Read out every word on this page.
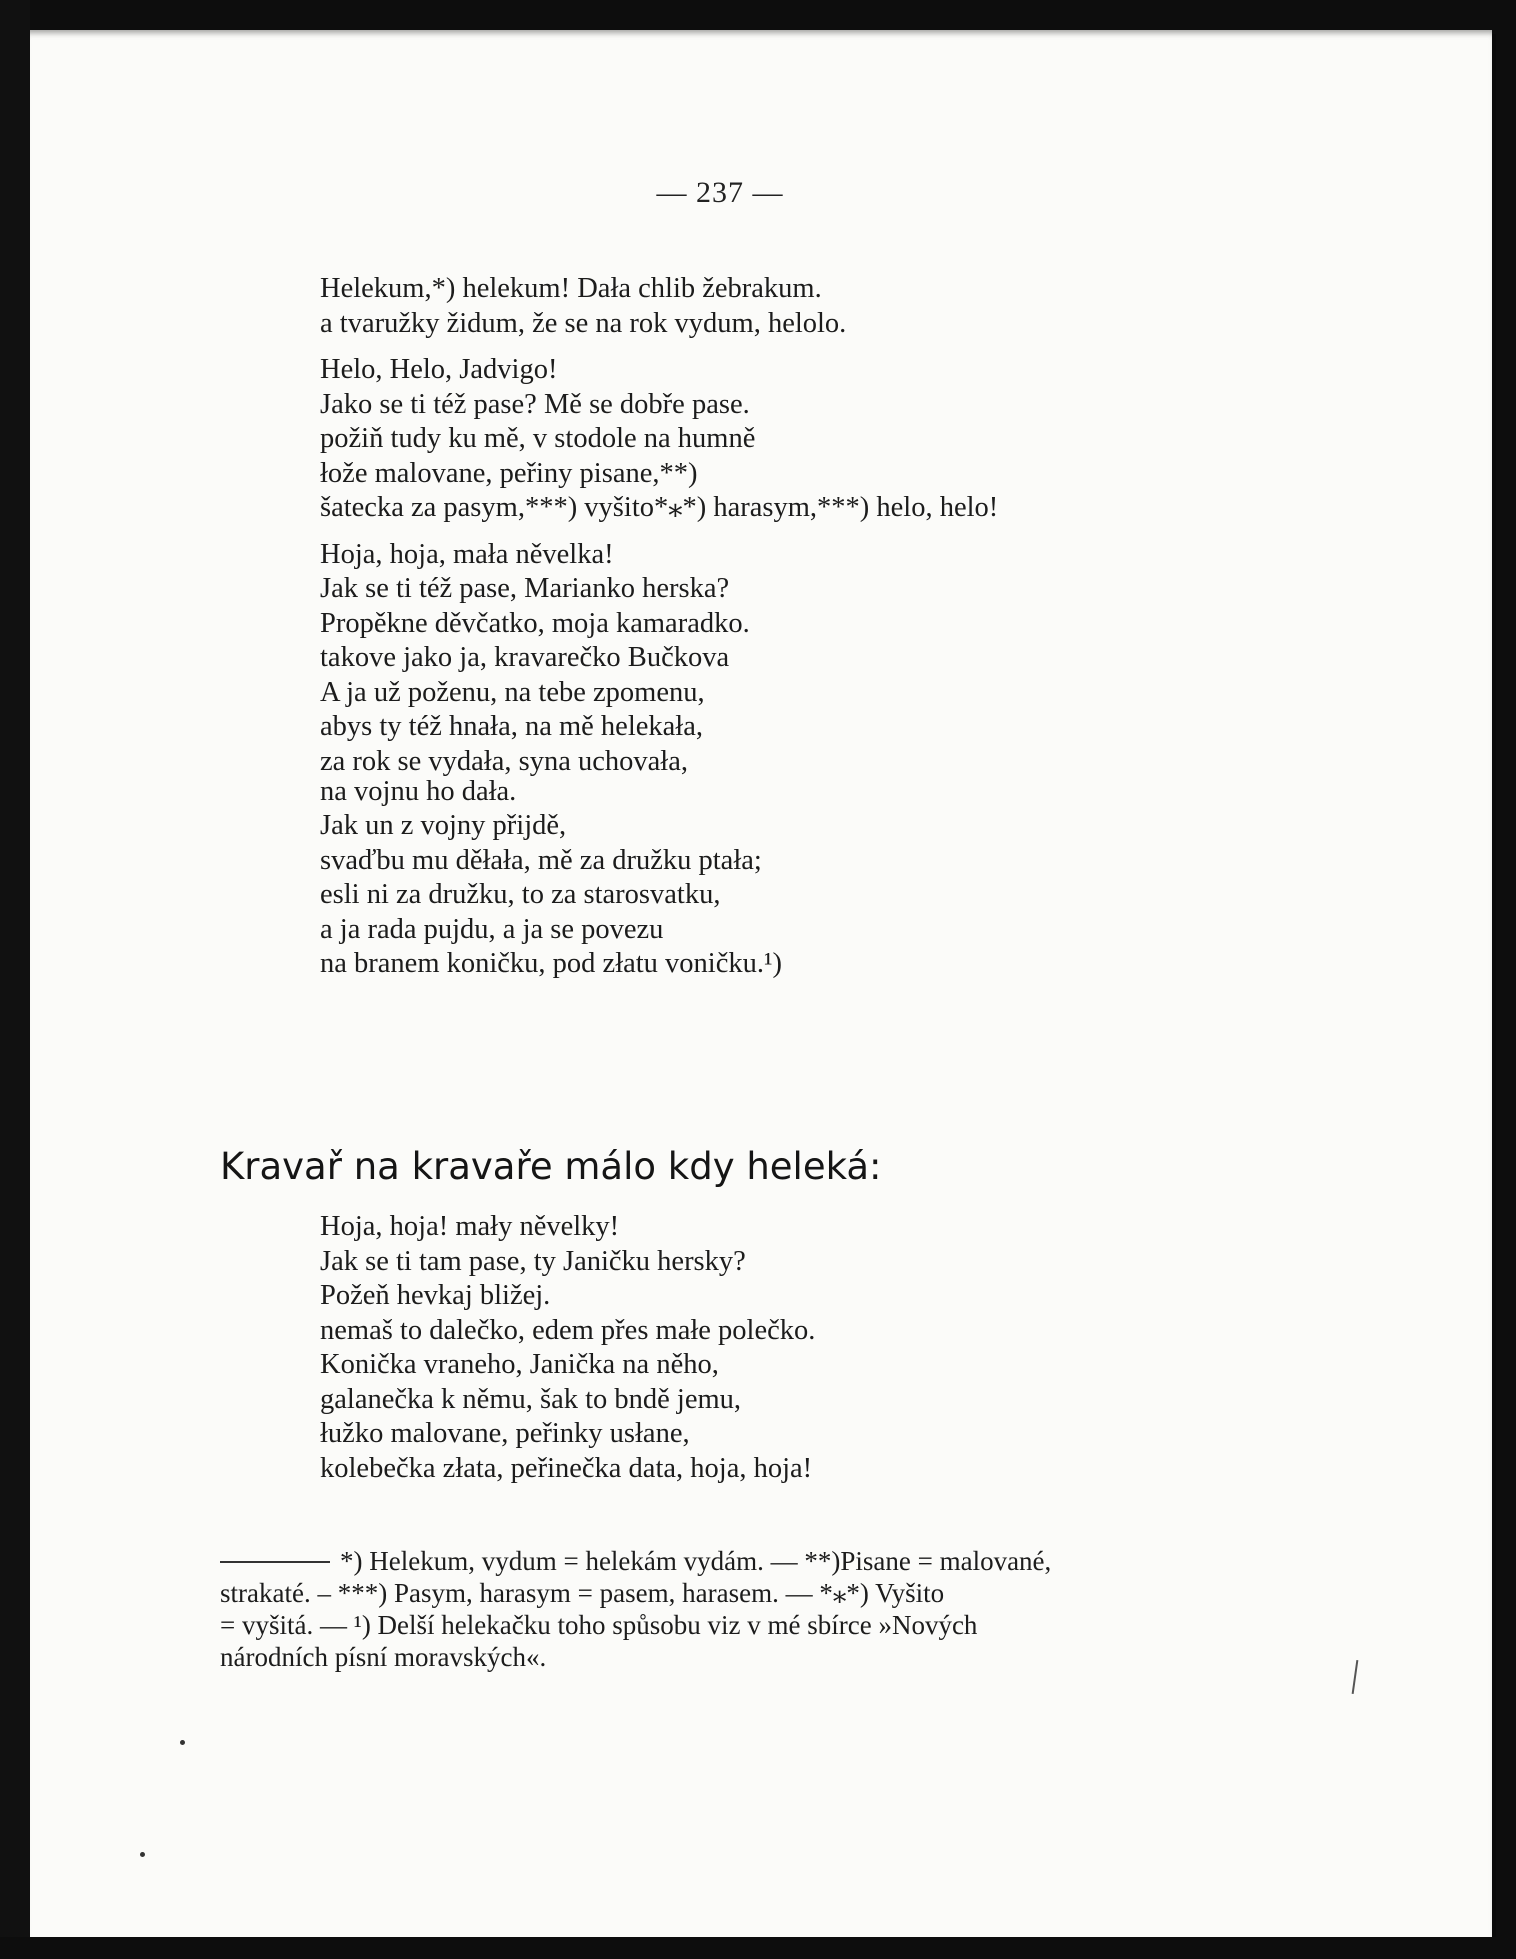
— 237 —
Helekum,*) helekum! Dała chlib žebrakum.
a tvaružky židum, že se na rok vydum, helolo.
Helo, Helo, Jadvigo!
Jako se ti též pase? Mě se dobře pase.
požiň tudy ku mě, v stodole na humně
łože malovane, peřiny pisane,**)
šatecka za pasym,***) vyšito*⁎*) harasym,***) helo, helo!
Hoja, hoja, mała něvelka!
Jak se ti též pase, Marianko herska?
Propěkne děvčatko, moja kamaradko.
takove jako ja, kravarečko Bučkova
A ja už poženu, na tebe zpomenu,
abys ty též hnała, na mě helekała,
za rok se vydała, syna uchovała,
na vojnu ho dała.
Jak un z vojny přijdě,
svaďbu mu děłała, mě za družku ptała;
esli ni za družku, to za starosvatku,
a ja rada pujdu, a ja se povezu
na branem koničku, pod złatu voničku.¹)
Kravař na kravaře málo kdy heleká:
Hoja, hoja! mały něvelky!
Jak se ti tam pase, ty Janičku hersky?
Požeň hevkaj bližej.
nemaš to dalečko, edem přes małe polečko.
Konička vraneho, Janička na něho,
galanečka k němu, šak to bndě jemu,
łužko malovane, peřinky usłane,
kolebečka złata, peřinečka data, hoja, hoja!
*) Helekum, vydum = helekám vydám. — **)Pisane = malované,
strakaté. – ***) Pasym, harasym = pasem, harasem. — *⁎*) Vyšito
= vyšitá. — ¹) Delší helekačku toho spůsobu viz v mé sbírce »Nových
národních písní moravských«.
